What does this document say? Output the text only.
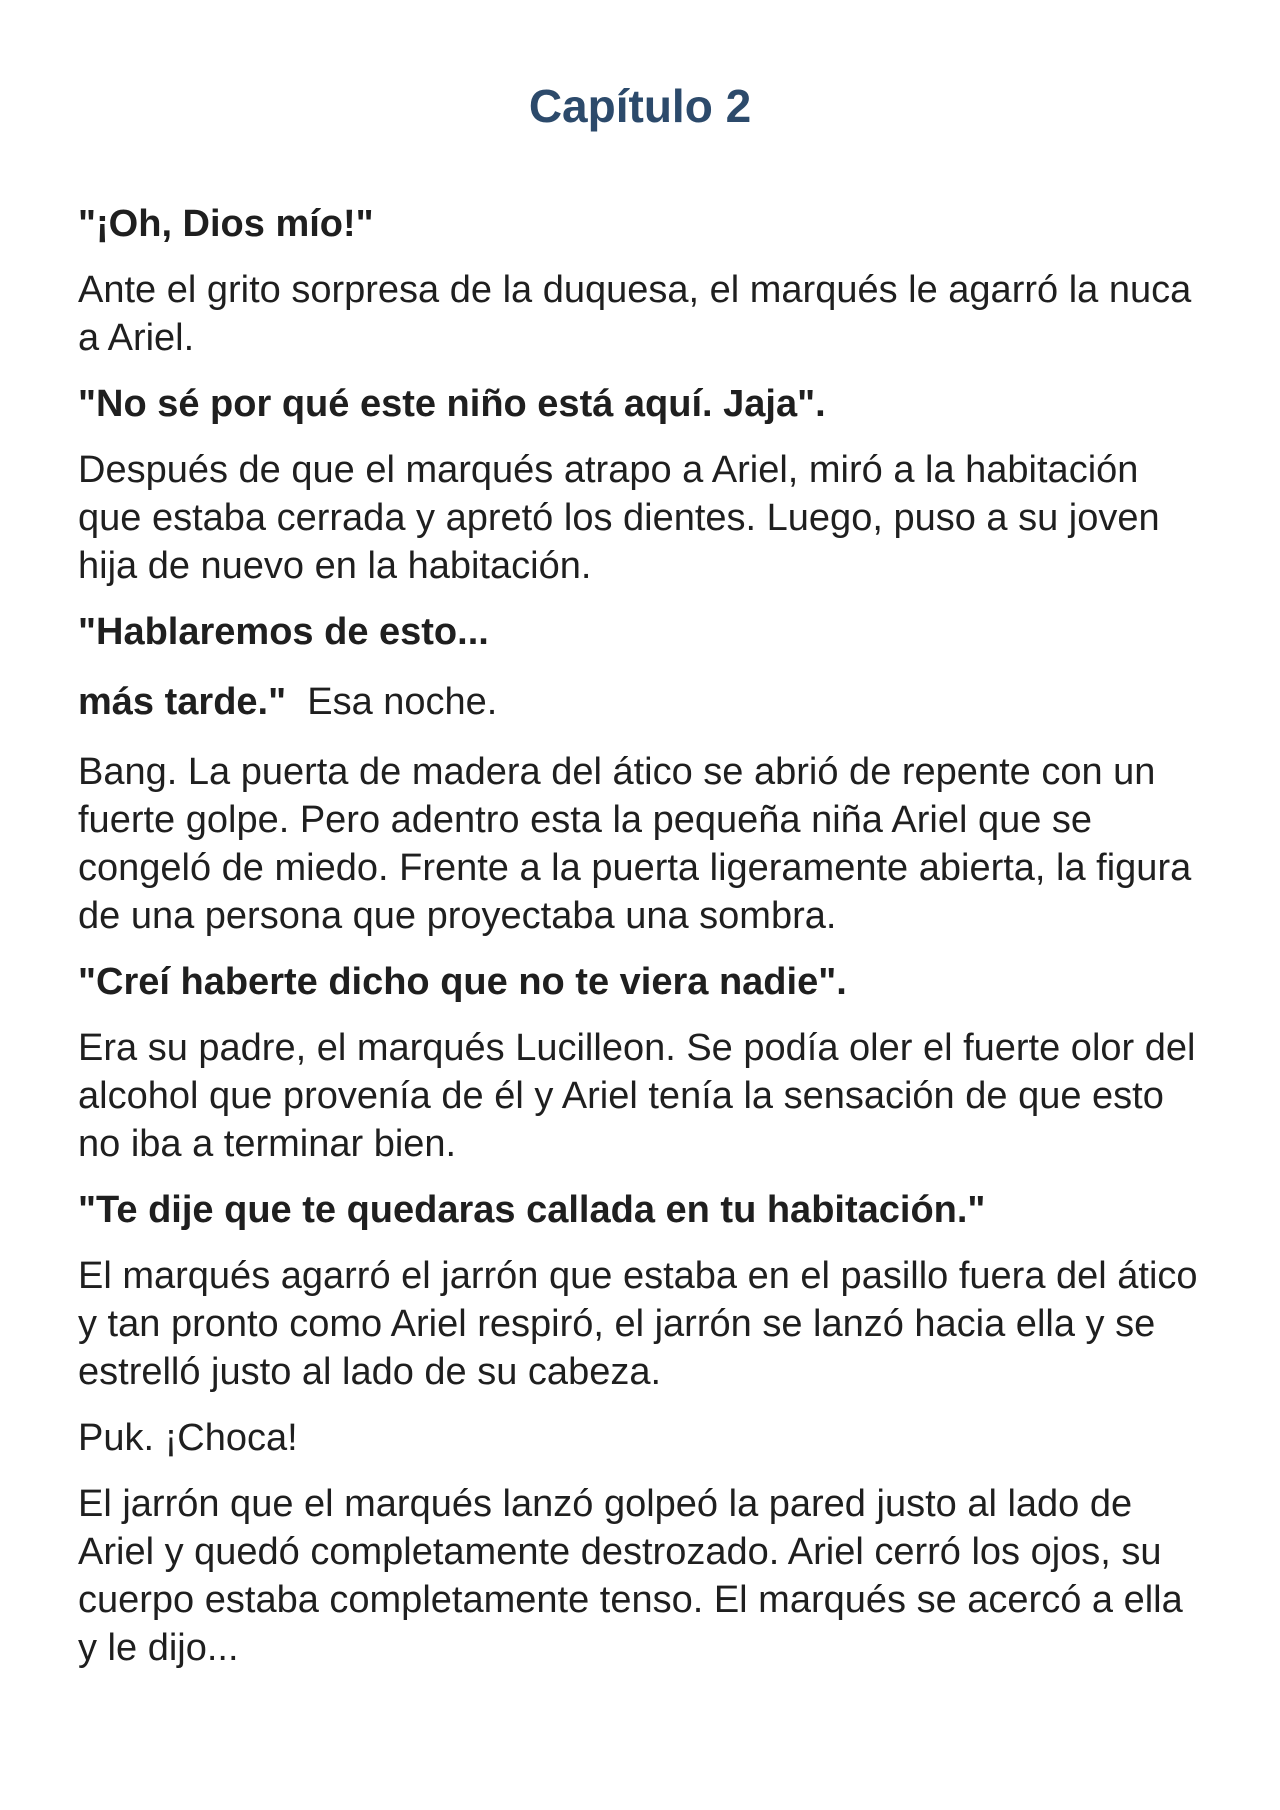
Capítulo 2

"¡Oh, Dios mío!"

Ante el grito sorpresa de la duquesa, el marqués le agarró la nuca a Ariel.

"No sé por qué este niño está aquí. Jaja".

Después de que el marqués atrapo a Ariel, miró a la habitación que estaba cerrada y apretó los dientes. Luego, puso a su joven hija de nuevo en la habitación.

"Hablaremos de esto...

más tarde." Esa noche.

Bang. La puerta de madera del ático se abrió de repente con un fuerte golpe. Pero adentro esta la pequeña niña Ariel que se congeló de miedo. Frente a la puerta ligeramente abierta, la figura de una persona que proyectaba una sombra.

"Creí haberte dicho que no te viera nadie".

Era su padre, el marqués Lucilleon. Se podía oler el fuerte olor del alcohol que provenía de él y Ariel tenía la sensación de que esto no iba a terminar bien.

"Te dije que te quedaras callada en tu habitación."

El marqués agarró el jarrón que estaba en el pasillo fuera del ático y tan pronto como Ariel respiró, el jarrón se lanzó hacia ella y se estrelló justo al lado de su cabeza.

Puk. ¡Choca!

El jarrón que el marqués lanzó golpeó la pared justo al lado de Ariel y quedó completamente destrozado. Ariel cerró los ojos, su cuerpo estaba completamente tenso. El marqués se acercó a ella y le dijo...
